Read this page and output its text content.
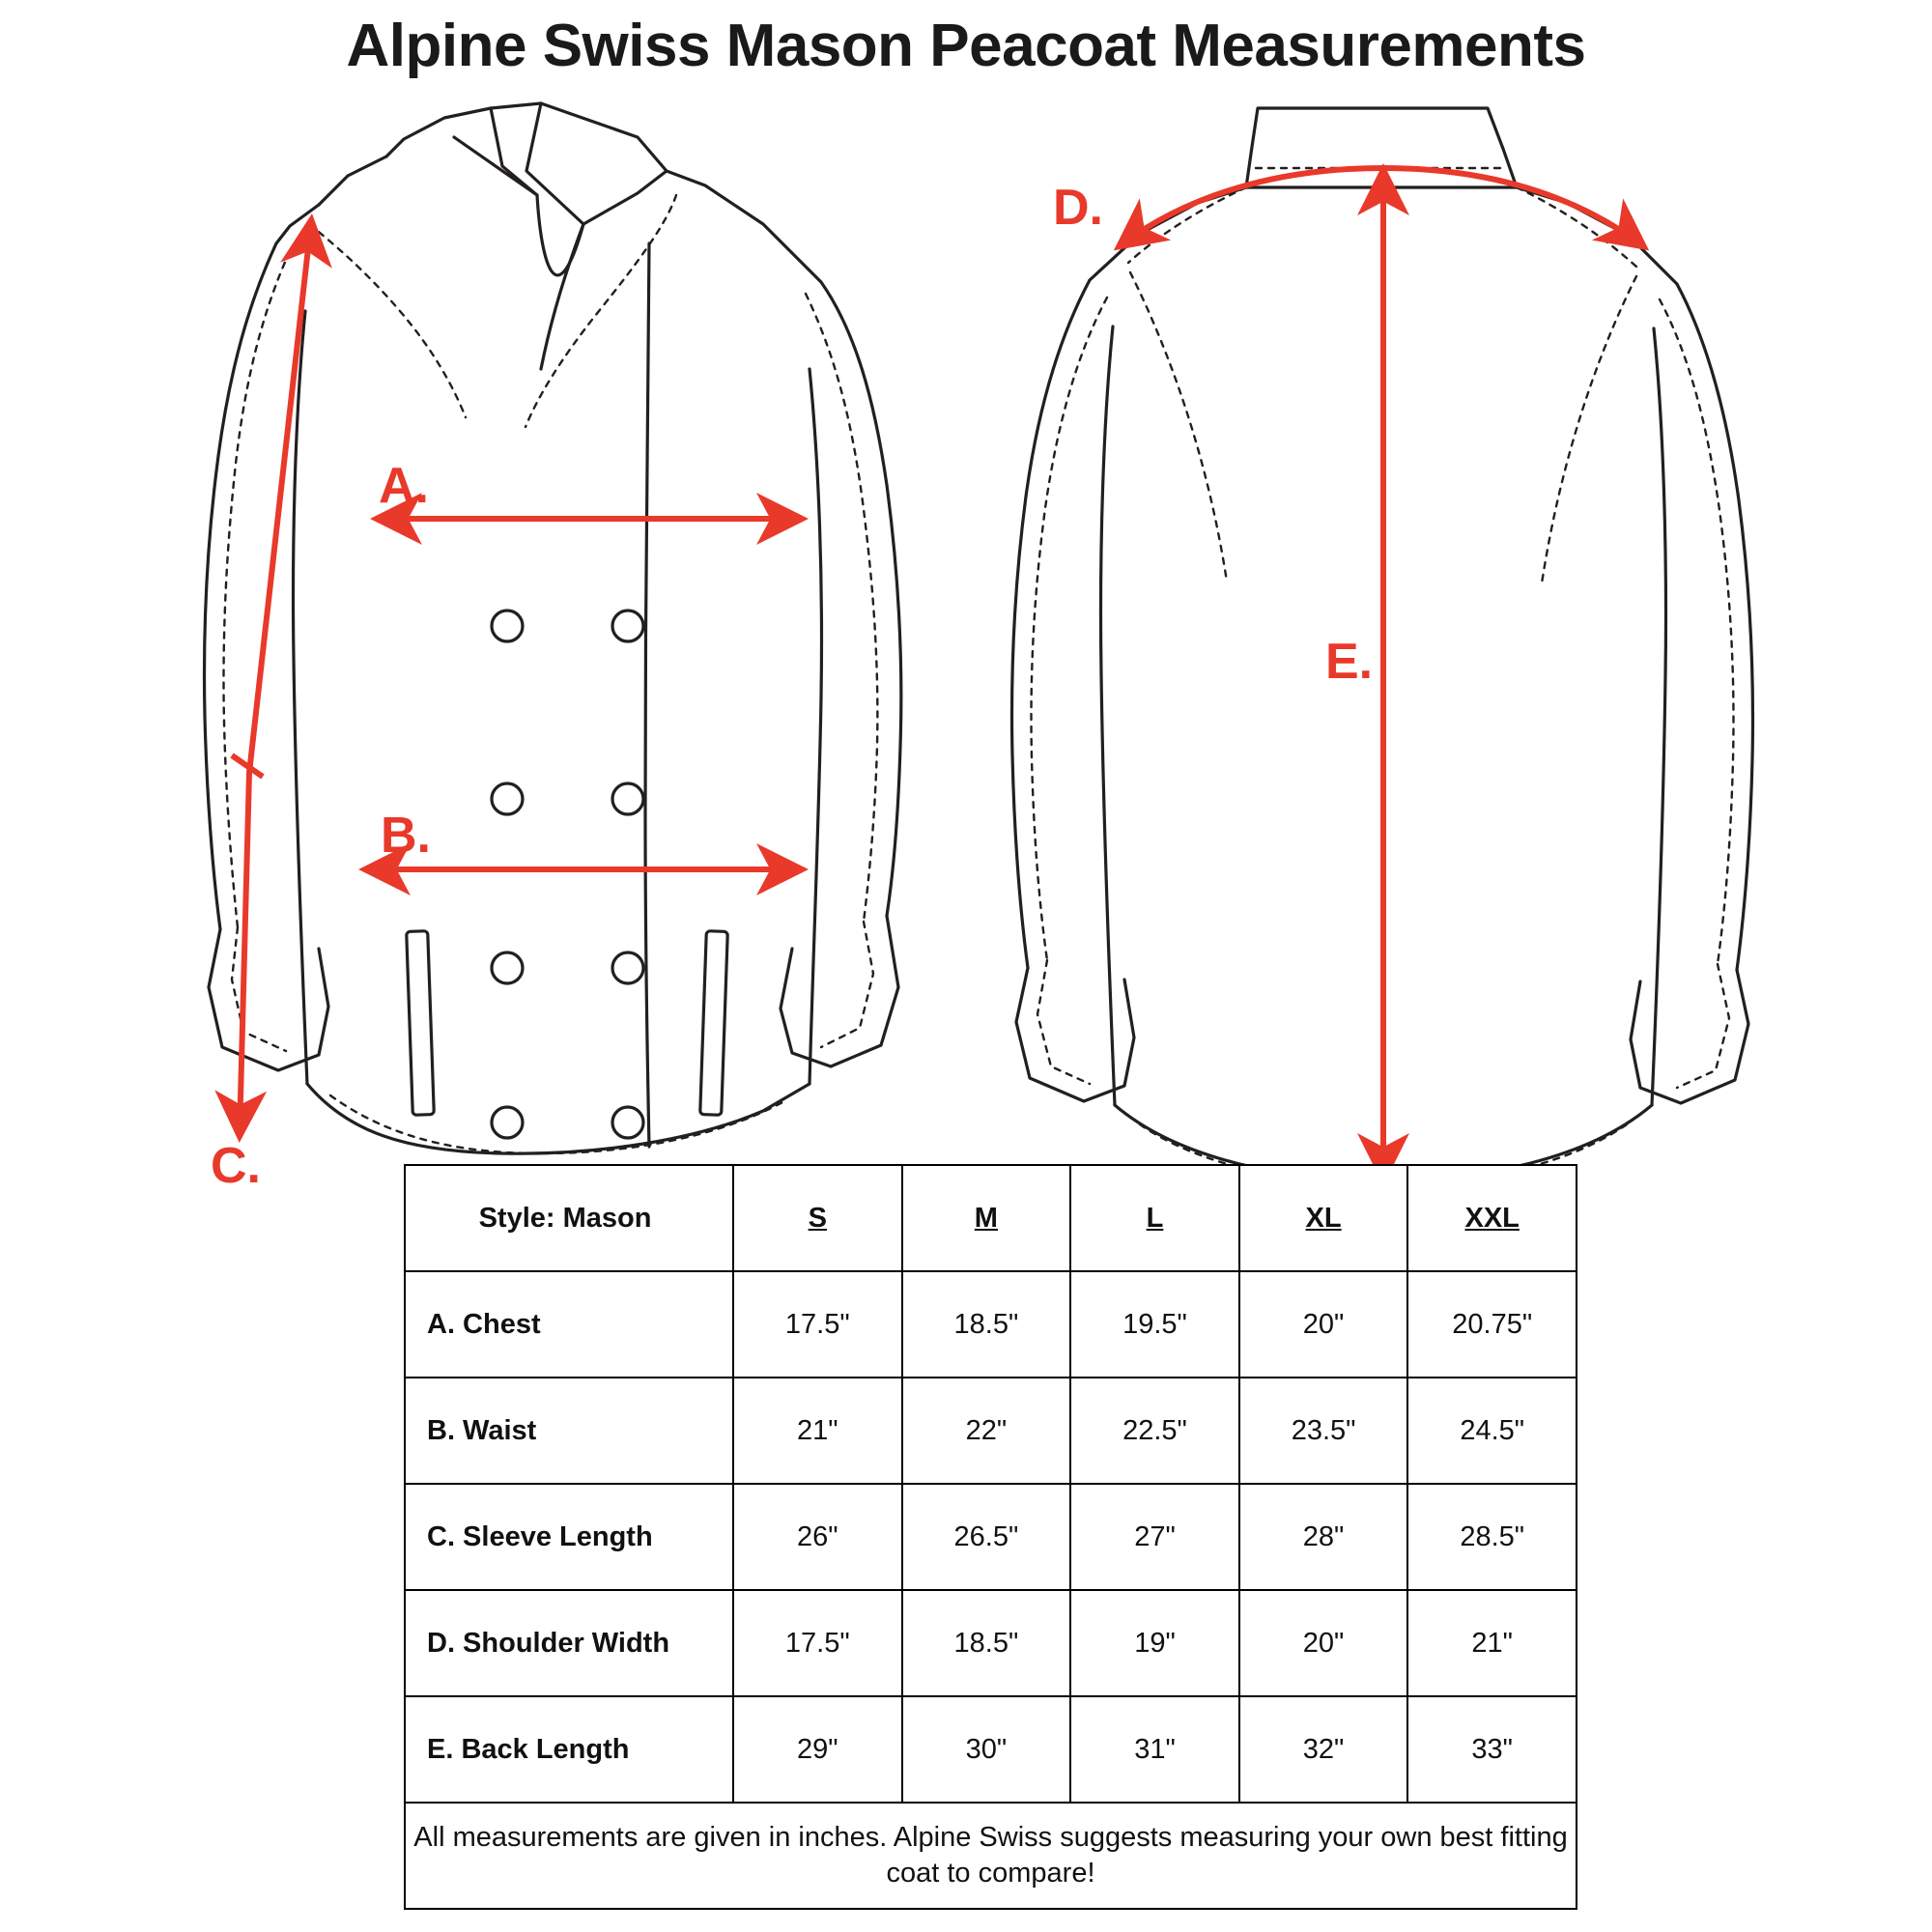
Alpine Swiss Mason Peacoat Measurements
A.
B.
C.
D.
E.
Style: Mason	S	M	L	XL	XXL
A. Chest	17.5"	18.5"	19.5"	20"	20.75"
B. Waist	21"	22"	22.5"	23.5"	24.5"
C. Sleeve Length	26"	26.5"	27"	28"	28.5"
D. Shoulder Width	17.5"	18.5"	19"	20"	21"
E. Back Length	29"	30"	31"	32"	33"
All measurements are given in inches. Alpine Swiss suggests measuring your own best fitting coat to compare!					
